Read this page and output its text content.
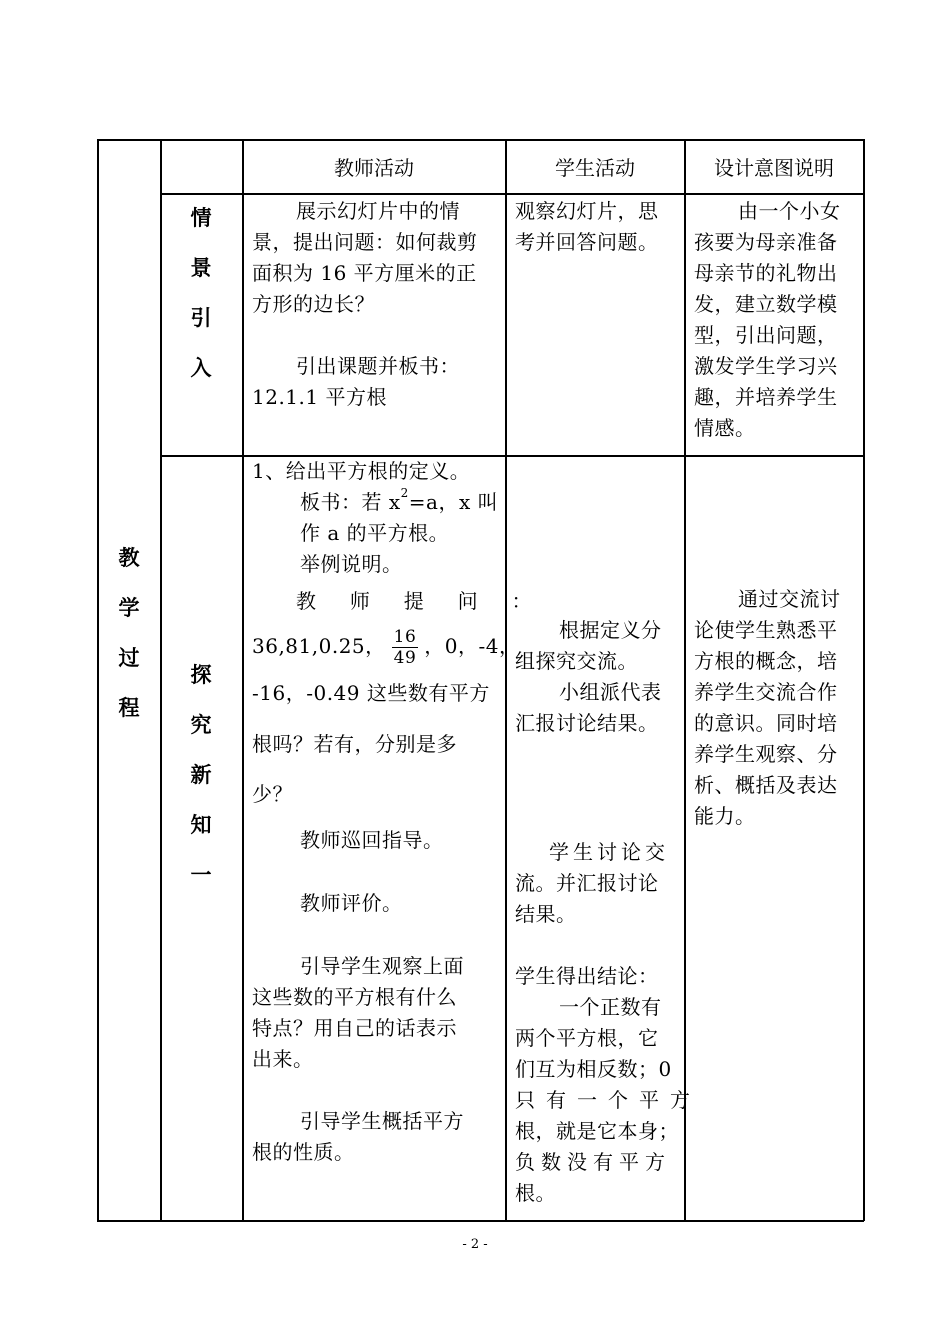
教师活动	学生活动	设计意图说明
教
学
过
程
情
景
引
入
展示幻灯片中的情
景，提出问题：如何裁剪
面积为 16 平方厘米的正
方形的边长？
引出课题并板书：
12.1.1 平方根
观察幻灯片，思
考并回答问题。
由一个小女
孩要为母亲准备
母亲节的礼物出
发，建立数学模
型，引出问题，
激发学生学习兴
趣，并培养学生
情感。
探
究
新
知
一
1、给出平方根的定义。
板书：若 $x^2=a$，x 叫
作 a 的平方根。
举例说明。
教 师 提 问 ：
36,81,0.25， $\frac{16}{49}$ ，0，-4，
-16，-0.49 这些数有平方
根吗？若有，分别是多
少？
教师巡回指导。
教师评价。
引导学生观察上面
这些数的平方根有什么
特点？用自己的话表示
出来。
引导学生概括平方
根的性质。
根据定义分
组探究交流。
小组派代表
汇报讨论结果。
学生讨论交
流。并汇报讨论
结果。
学生得出结论：
一个正数有
两个平方根，它
们互为相反数；0
只有一个平方
根，就是它本身；
负数没有平方
根。
通过交流讨
论使学生熟悉平
方根的概念，培
养学生交流合作
的意识。同时培
养学生观察、分
析、概括及表达
能力。
- 2 -
